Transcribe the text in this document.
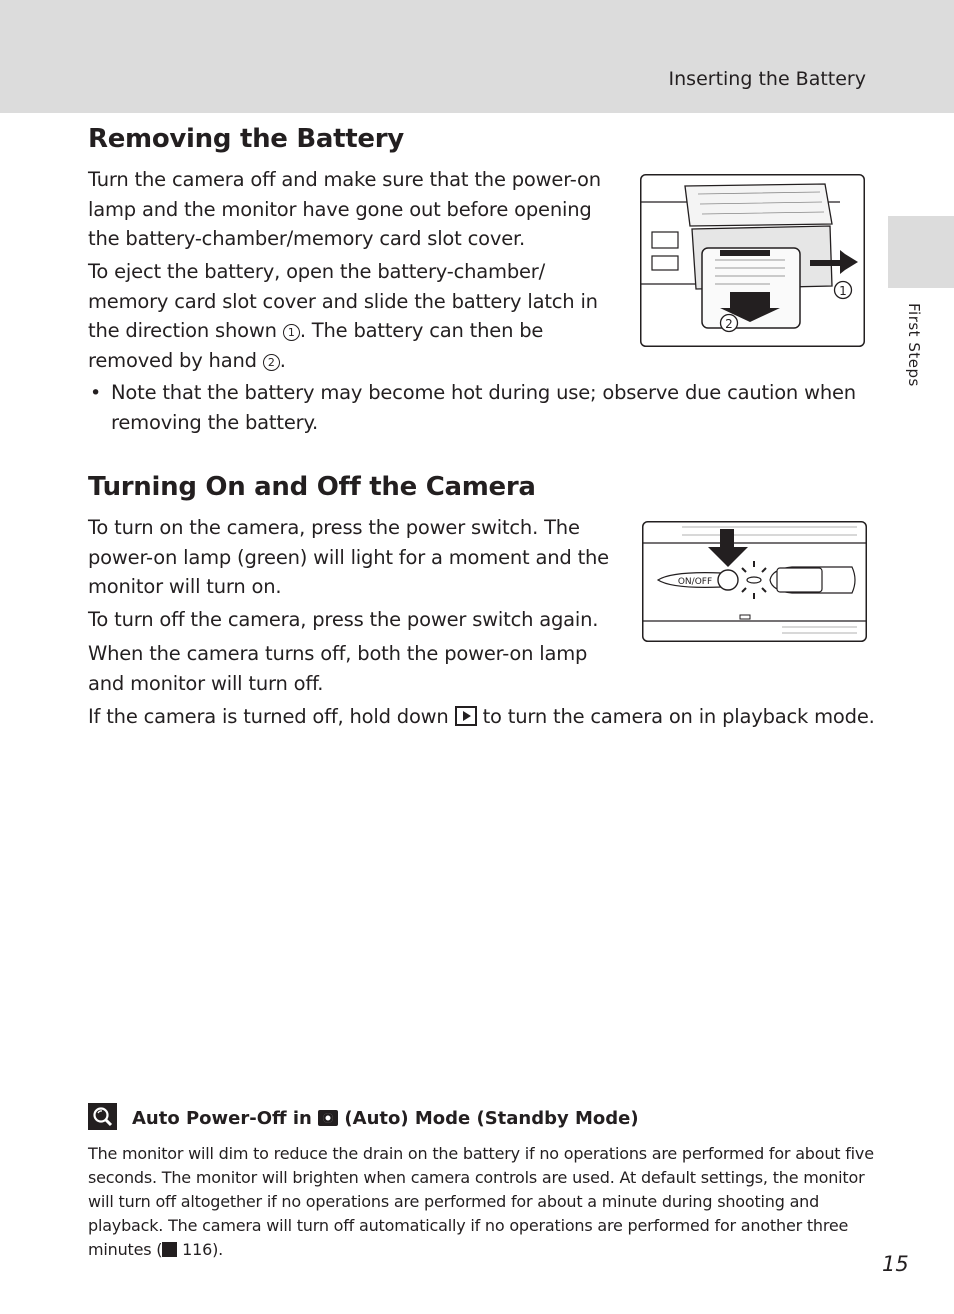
Inserting the Battery
First Steps
Removing the Battery

Turn the camera off and make sure that the power-on lamp and the monitor have gone out before opening the battery-chamber/memory card slot cover.

To eject the battery, open the battery-chamber/ memory card slot cover and slide the battery latch in the direction shown 1 . The battery can then be removed by hand 2 .

• Note that the battery may become hot during use; observe due caution when removing the battery.

1
2
Turning On and Off the Camera

To turn on the camera, press the power switch. The power-on lamp (green) will light for a moment and the monitor will turn on.

To turn off the camera, press the power switch again.

When the camera turns off, both the power-on lamp and monitor will turn off.

If the camera is turned off, hold down  to turn the camera on in playback mode.

ON/OFF
Auto Power-Off in  (Auto) Mode (Standby Mode)

The monitor will dim to reduce the drain on the battery if no operations are performed for about five seconds. The monitor will brighten when camera controls are used. At default settings, the monitor will turn off altogether if no operations are performed for about a minute during shooting and playback. The camera will turn off automatically if no operations are performed for another three minutes ( 116).

15
